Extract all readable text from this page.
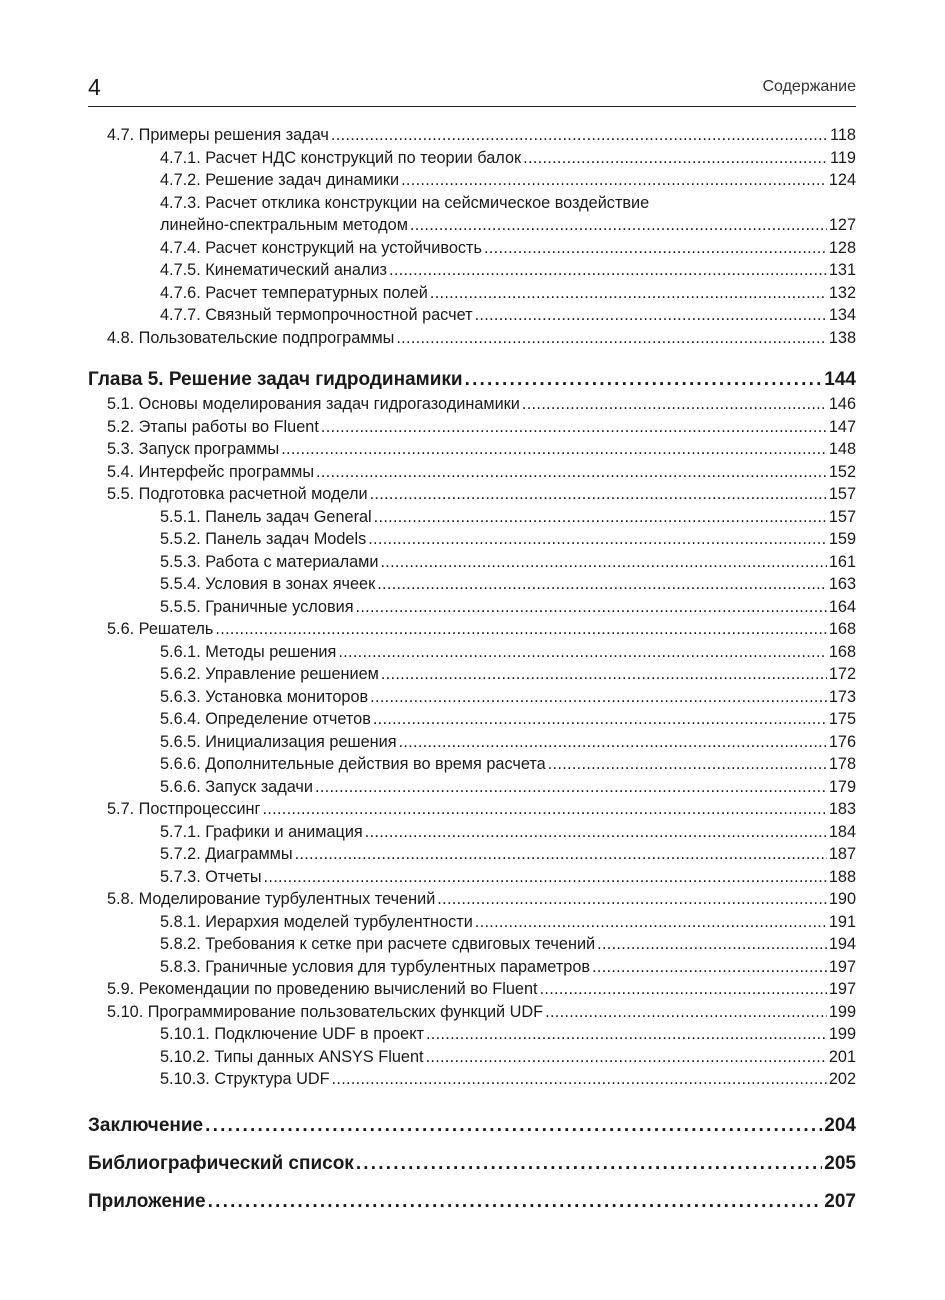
4	Содержание
4.7. Примеры решения задач .....	118
4.7.1. Расчет НДС конструкций по теории балок .....	119
4.7.2. Решение задач динамики .....	124
4.7.3. Расчет отклика конструкции на сейсмическое воздействие
линейно-спектральным методом .....	127
4.7.4. Расчет конструкций на устойчивость .....	128
4.7.5. Кинематический анализ .....	131
4.7.6. Расчет температурных полей .....	132
4.7.7. Связный термопрочностной расчет .....	134
4.8. Пользовательские подпрограммы .....	138
Глава 5. Решение задач гидродинамики .....	144
5.1. Основы моделирования задач гидрогазодинамики .....	146
5.2. Этапы работы во Fluent .....	147
5.3. Запуск программы .....	148
5.4. Интерфейс программы .....	152
5.5. Подготовка расчетной модели .....	157
5.5.1. Панель задач General .....	157
5.5.2. Панель задач Models .....	159
5.5.3. Работа с материалами .....	161
5.5.4. Условия в зонах ячеек .....	163
5.5.5. Граничные условия .....	164
5.6. Решатель .....	168
5.6.1. Методы решения .....	168
5.6.2. Управление решением .....	172
5.6.3. Установка мониторов .....	173
5.6.4. Определение отчетов .....	175
5.6.5. Инициализация решения .....	176
5.6.6. Дополнительные действия во время расчета .....	178
5.6.6. Запуск задачи .....	179
5.7. Постпроцессинг .....	183
5.7.1. Графики и анимация .....	184
5.7.2. Диаграммы .....	187
5.7.3. Отчеты .....	188
5.8. Моделирование турбулентных течений .....	190
5.8.1. Иерархия моделей турбулентности .....	191
5.8.2. Требования к сетке при расчете сдвиговых течений .....	194
5.8.3. Граничные условия для турбулентных параметров .....	197
5.9. Рекомендации по проведению вычислений во Fluent .....	197
5.10. Программирование пользовательских функций UDF .....	199
5.10.1. Подключение UDF в проект .....	199
5.10.2. Типы данных ANSYS Fluent .....	201
5.10.3. Структура UDF .....	202
Заключение .....	204
Библиографический список .....	205
Приложение .....	207
